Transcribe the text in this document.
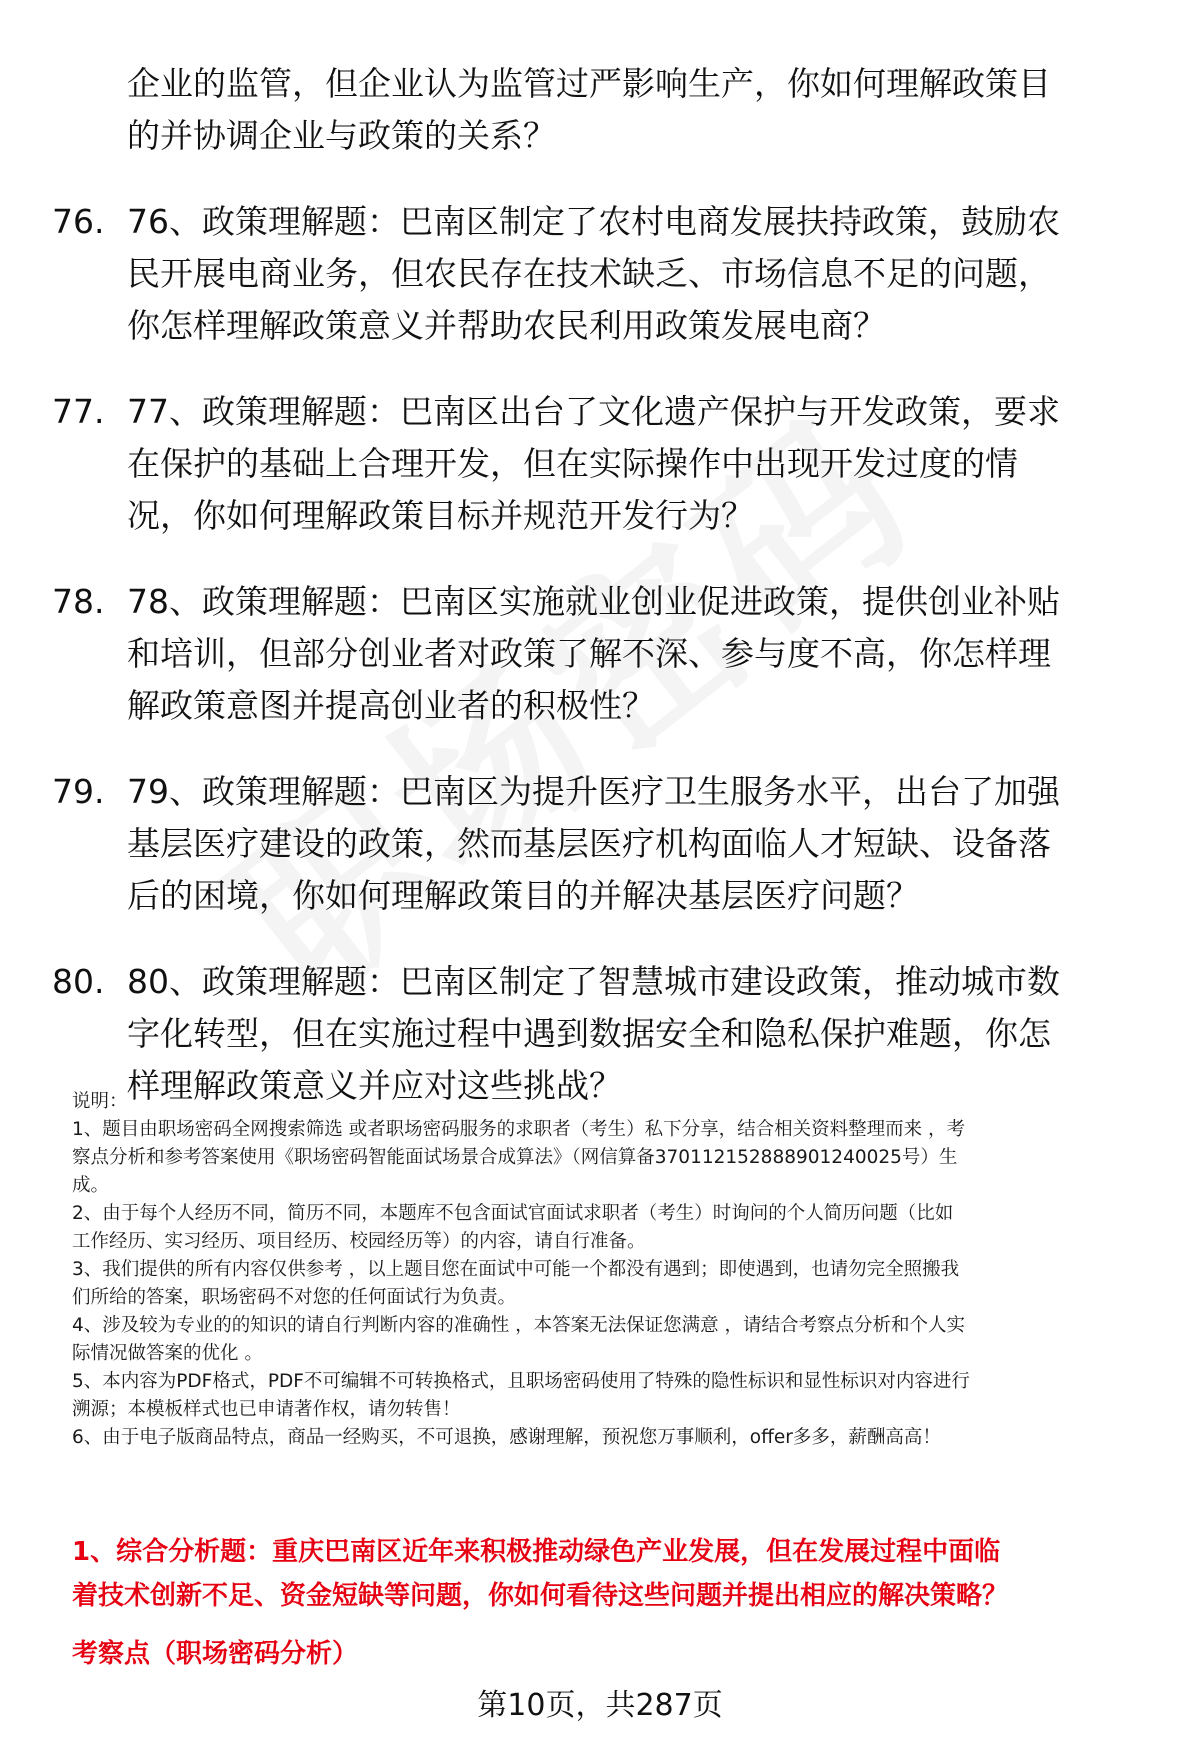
企业的监管，但企业认为监管过严影响生产，你如何理解政策目
的并协调企业与政策的关系？
76. 76、政策理解题：巴南区制定了农村电商发展扶持政策，鼓励农
民开展电商业务，但农民存在技术缺乏、市场信息不足的问题，
你怎样理解政策意义并帮助农民利用政策发展电商？
77. 77、政策理解题：巴南区出台了文化遗产保护与开发政策，要求
在保护的基础上合理开发，但在实际操作中出现开发过度的情
况，你如何理解政策目标并规范开发行为？
78. 78、政策理解题：巴南区实施就业创业促进政策，提供创业补贴
和培训，但部分创业者对政策了解不深、参与度不高，你怎样理
解政策意图并提高创业者的积极性？
79. 79、政策理解题：巴南区为提升医疗卫生服务水平，出台了加强
基层医疗建设的政策，然而基层医疗机构面临人才短缺、设备落
后的困境，你如何理解政策目的并解决基层医疗问题？
80. 80、政策理解题：巴南区制定了智慧城市建设政策，推动城市数
字化转型，但在实施过程中遇到数据安全和隐私保护难题，你怎
样理解政策意义并应对这些挑战？
说明：
1、题目由职场密码全网搜索筛选 或者职场密码服务的求职者（考生）私下分享，结合相关资料整理而来 ，考
察点分析和参考答案使用《职场密码智能面试场景合成算法》（网信算备370112152888901240025号）生
成。
2、由于每个人经历不同，简历不同，本题库不包含面试官面试求职者（考生）时询问的个人简历问题（比如
工作经历、实习经历、项目经历、校园经历等）的内容，请自行准备。
3、我们提供的所有内容仅供参考 ，以上题目您在面试中可能一个都没有遇到；即使遇到，也请勿完全照搬我
们所给的答案，职场密码不对您的任何面试行为负责。
4、涉及较为专业的的知识的请自行判断内容的准确性 ，本答案无法保证您满意 ，请结合考察点分析和个人实
际情况做答案的优化 。
5、本内容为PDF格式，PDF不可编辑不可转换格式，且职场密码使用了特殊的隐性标识和显性标识对内容进行
溯源；本模板样式也已申请著作权，请勿转售！
6、由于电子版商品特点，商品一经购买，不可退换，感谢理解，预祝您万事顺利，offer多多，薪酬高高！
1、综合分析题：重庆巴南区近年来积极推动绿色产业发展，但在发展过程中面临
着技术创新不足、资金短缺等问题，你如何看待这些问题并提出相应的解决策略？
考察点（职场密码分析）
第10页，共287页
